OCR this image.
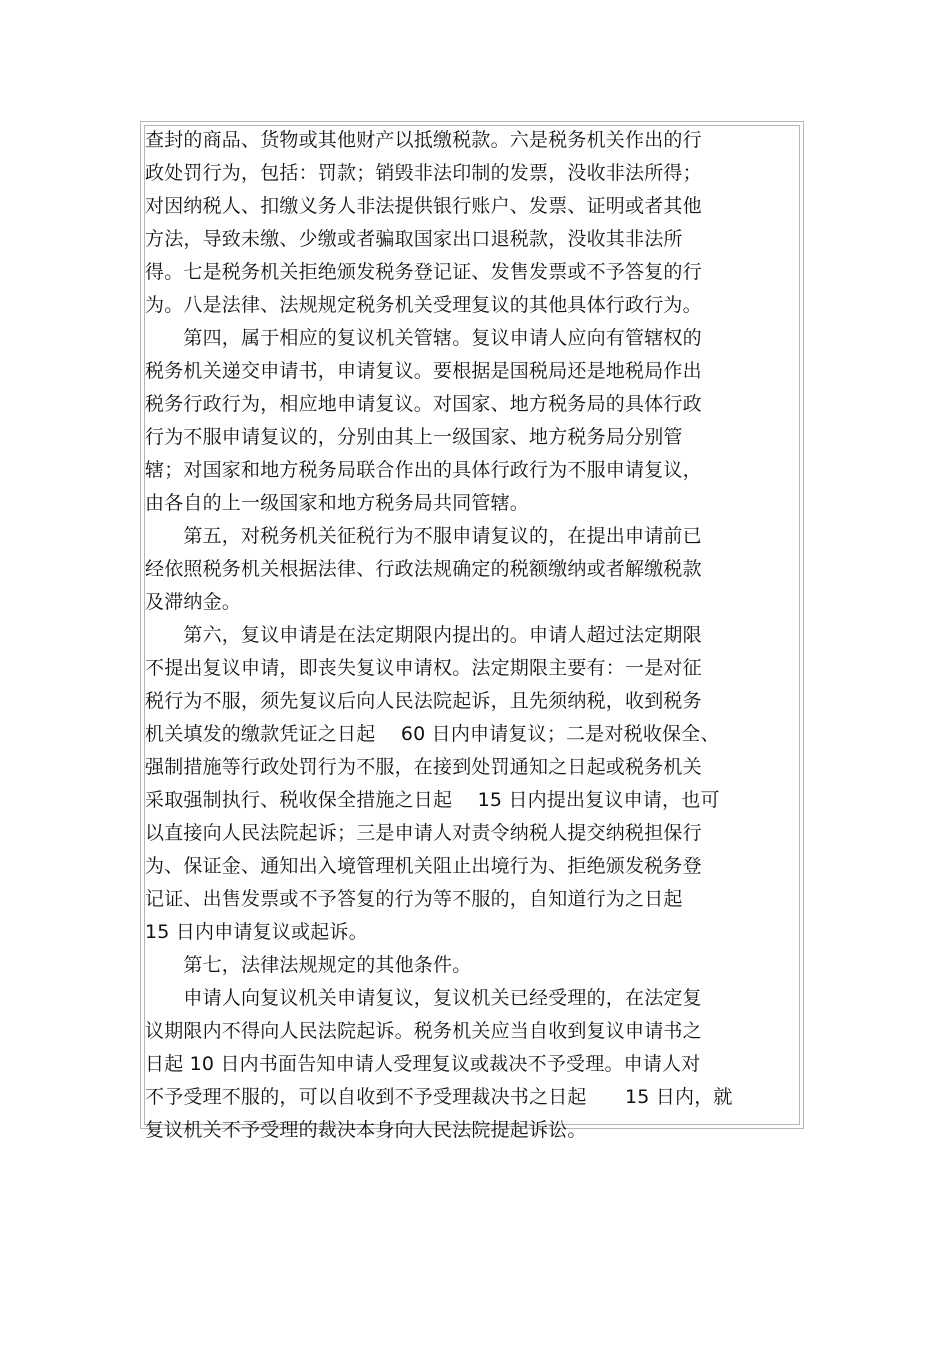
查封的商品、货物或其他财产以抵缴税款。六是税务机关作出的行
政处罚行为，包括：罚款；销毁非法印制的发票，没收非法所得；
对因纳税人、扣缴义务人非法提供银行账户、发票、证明或者其他
方法，导致未缴、少缴或者骗取国家出口退税款，没收其非法所
得。七是税务机关拒绝颁发税务登记证、发售发票或不予答复的行
为。八是法律、法规规定税务机关受理复议的其他具体行政行为。
　　第四，属于相应的复议机关管辖。复议申请人应向有管辖权的
税务机关递交申请书，申请复议。要根据是国税局还是地税局作出
税务行政行为，相应地申请复议。对国家、地方税务局的具体行政
行为不服申请复议的，分别由其上一级国家、地方税务局分别管
辖；对国家和地方税务局联合作出的具体行政行为不服申请复议，
由各自的上一级国家和地方税务局共同管辖。
　　第五，对税务机关征税行为不服申请复议的，在提出申请前已
经依照税务机关根据法律、行政法规确定的税额缴纳或者解缴税款
及滞纳金。
　　第六，复议申请是在法定期限内提出的。申请人超过法定期限
不提出复议申请，即丧失复议申请权。法定期限主要有：一是对征
税行为不服，须先复议后向人民法院起诉，且先须纳税，收到税务
机关填发的缴款凭证之日起　 60 日内申请复议；二是对税收保全、
强制措施等行政处罚行为不服，在接到处罚通知之日起或税务机关
采取强制执行、税收保全措施之日起　 15 日内提出复议申请，也可
以直接向人民法院起诉；三是申请人对责令纳税人提交纳税担保行
为、保证金、通知出入境管理机关阻止出境行为、拒绝颁发税务登
记证、出售发票或不予答复的行为等不服的，自知道行为之日起
15 日内申请复议或起诉。
　　第七，法律法规规定的其他条件。
　　申请人向复议机关申请复议，复议机关已经受理的，在法定复
议期限内不得向人民法院起诉。税务机关应当自收到复议申请书之
日起 10 日内书面告知申请人受理复议或裁决不予受理。申请人对
不予受理不服的，可以自收到不予受理裁决书之日起　　15 日内，就
复议机关不予受理的裁决本身向人民法院提起诉讼。
